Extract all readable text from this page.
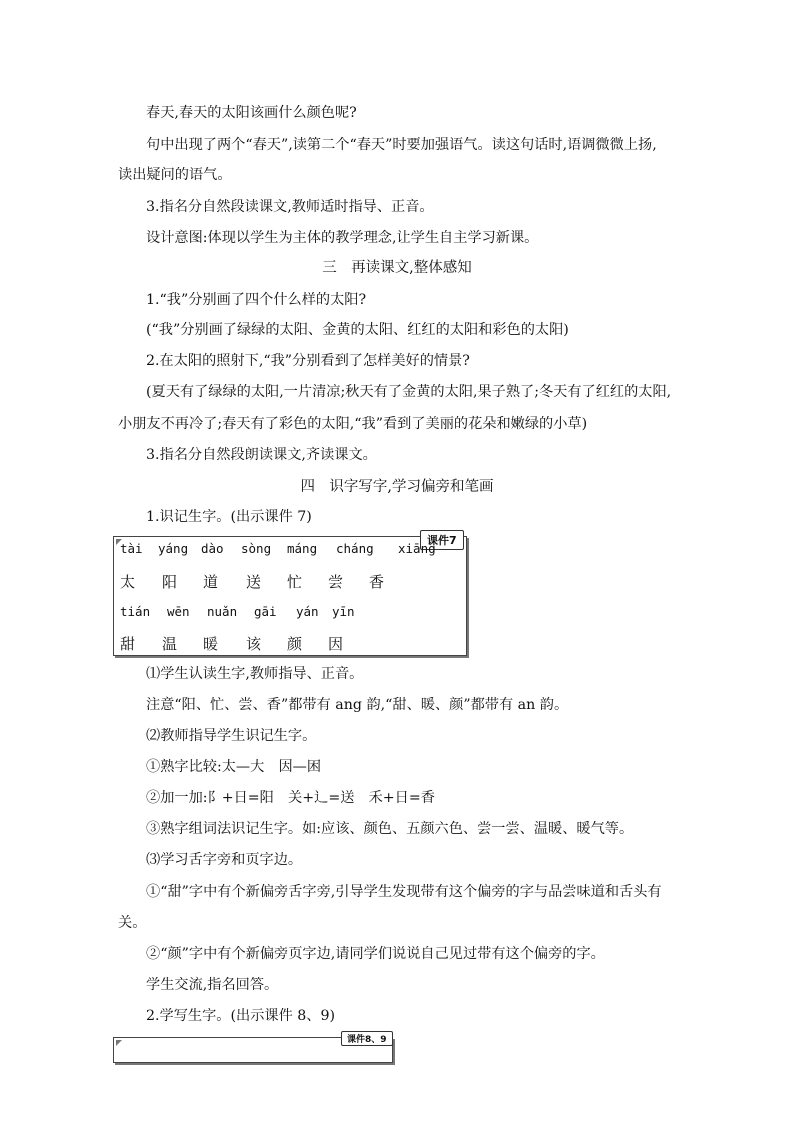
春天,春天的太阳该画什么颜色呢?
句中出现了两个“春天”,读第二个“春天”时要加强语气。读这句话时,语调微微上扬,
读出疑问的语气。
3.指名分自然段读课文,教师适时指导、正音。
设计意图:体现以学生为主体的教学理念,让学生自主学习新课。
三　再读课文,整体感知
1.“我”分别画了四个什么样的太阳?
(“我”分别画了绿绿的太阳、金黄的太阳、红红的太阳和彩色的太阳)
2.在太阳的照射下,“我”分别看到了怎样美好的情景?
(夏天有了绿绿的太阳,一片清凉;秋天有了金黄的太阳,果子熟了;冬天有了红红的太阳,
小朋友不再冷了;春天有了彩色的太阳,“我”看到了美丽的花朵和嫩绿的小草)
3.指名分自然段朗读课文,齐读课文。
四　识字写字,学习偏旁和笔画
1.识记生字。(出示课件 7)
课件7
tài yáng dào sòng máng cháng xiāng
太 阳 道 送 忙 尝 香
tián wēn nuǎn gāi yán yīn
甜 温 暖 该 颜 因
⑴学生认读生字,教师指导、正音。
注意“阳、忙、尝、香”都带有 ang 韵,“甜、暖、颜”都带有 an 韵。
⑵教师指导学生识记生字。
①熟字比较:太—大　因—困
②加一加:阝+日=阳　关+辶=送　禾+日=香
③熟字组词法识记生字。如:应该、颜色、五颜六色、尝一尝、温暖、暖气等。
⑶学习舌字旁和页字边。
①“甜”字中有个新偏旁舌字旁,引导学生发现带有这个偏旁的字与品尝味道和舌头有
关。
②“颜”字中有个新偏旁页字边,请同学们说说自己见过带有这个偏旁的字。
学生交流,指名回答。
2.学写生字。(出示课件 8、9)
课件8、9
